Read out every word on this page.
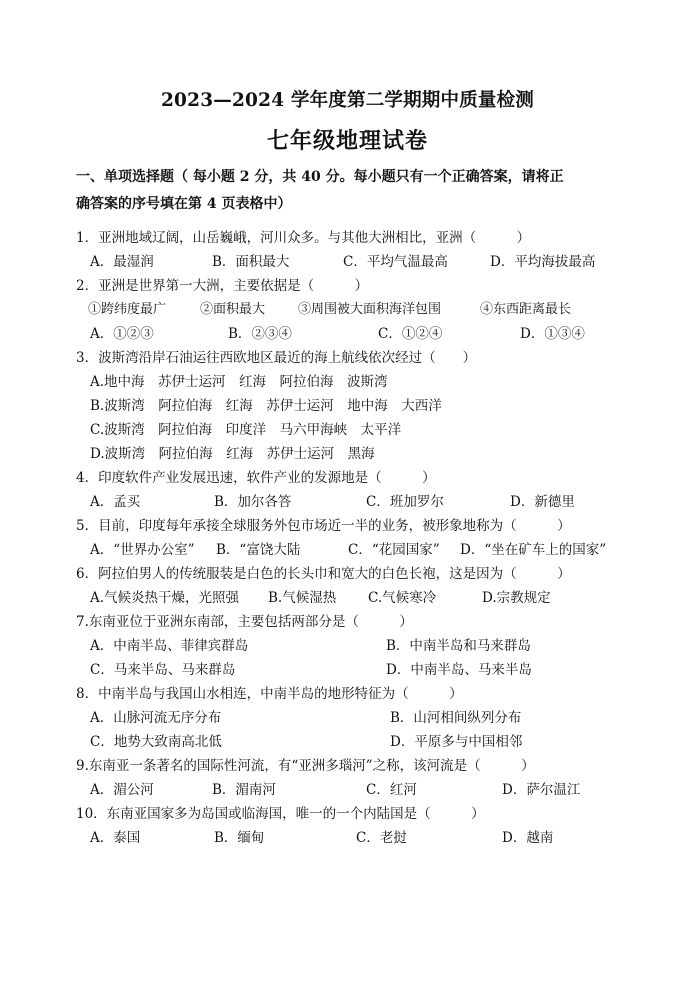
2023—2024 学年度第二学期期中质量检测
七年级地理试卷
一、单项选择题（ 每小题 2 分，共 40 分。每小题只有一个正确答案，请将正
确答案的序号填在第 4 页表格中）
1．亚洲地域辽阔，山岳巍峨，河川众多。与其他大洲相比，亚洲（　　　）
A．最湿润	B．面积最大	C．平均气温最高	D．平均海拔最高
2．亚洲是世界第一大洲，主要依据是（　　　）
①跨纬度最广	②面积最大	③周围被大面积海洋包围	④东西距离最长
A．①②③	B．②③④	C．①②④	D．①③④
3．波斯湾沿岸石油运往西欧地区最近的海上航线依次经过（　　）
A.地中海　苏伊士运河　红海　阿拉伯海　波斯湾
B.波斯湾　阿拉伯海　红海　苏伊士运河　地中海　大西洋
C.波斯湾　阿拉伯海　印度洋　马六甲海峡　太平洋
D.波斯湾　阿拉伯海　红海　苏伊士运河　黑海
4．印度软件产业发展迅速，软件产业的发源地是（　　　）
A．孟买	B．加尔各答	C．班加罗尔	D．新德里
5．目前，印度每年承接全球服务外包市场近一半的业务，被形象地称为（　　　）
A．“世界办公室” B．“富饶大陆	C．“花园国家” D．“坐在矿车上的国家”
6．阿拉伯男人的传统服装是白色的长头巾和宽大的白色长袍，这是因为（　　　）
A.气候炎热干燥，光照强 B.气候湿热 C.气候寒冷	D.宗教规定
7.东南亚位于亚洲东南部，主要包括两部分是（　　　）
A．中南半岛、菲律宾群岛	B．中南半岛和马来群岛
C．马来半岛、马来群岛	D．中南半岛、马来半岛
8．中南半岛与我国山水相连，中南半岛的地形特征为（　　　）
A．山脉河流无序分布	B．山河相间纵列分布
C．地势大致南高北低	D．平原多与中国相邻
9.东南亚一条著名的国际性河流，有“亚洲多瑙河”之称，该河流是（　　　）
A．湄公河	B．湄南河	C．红河	D．萨尔温江
10．东南亚国家多为岛国或临海国，唯一的一个内陆国是（　　　）
A．泰国	B．缅甸	C．老挝	D．越南
